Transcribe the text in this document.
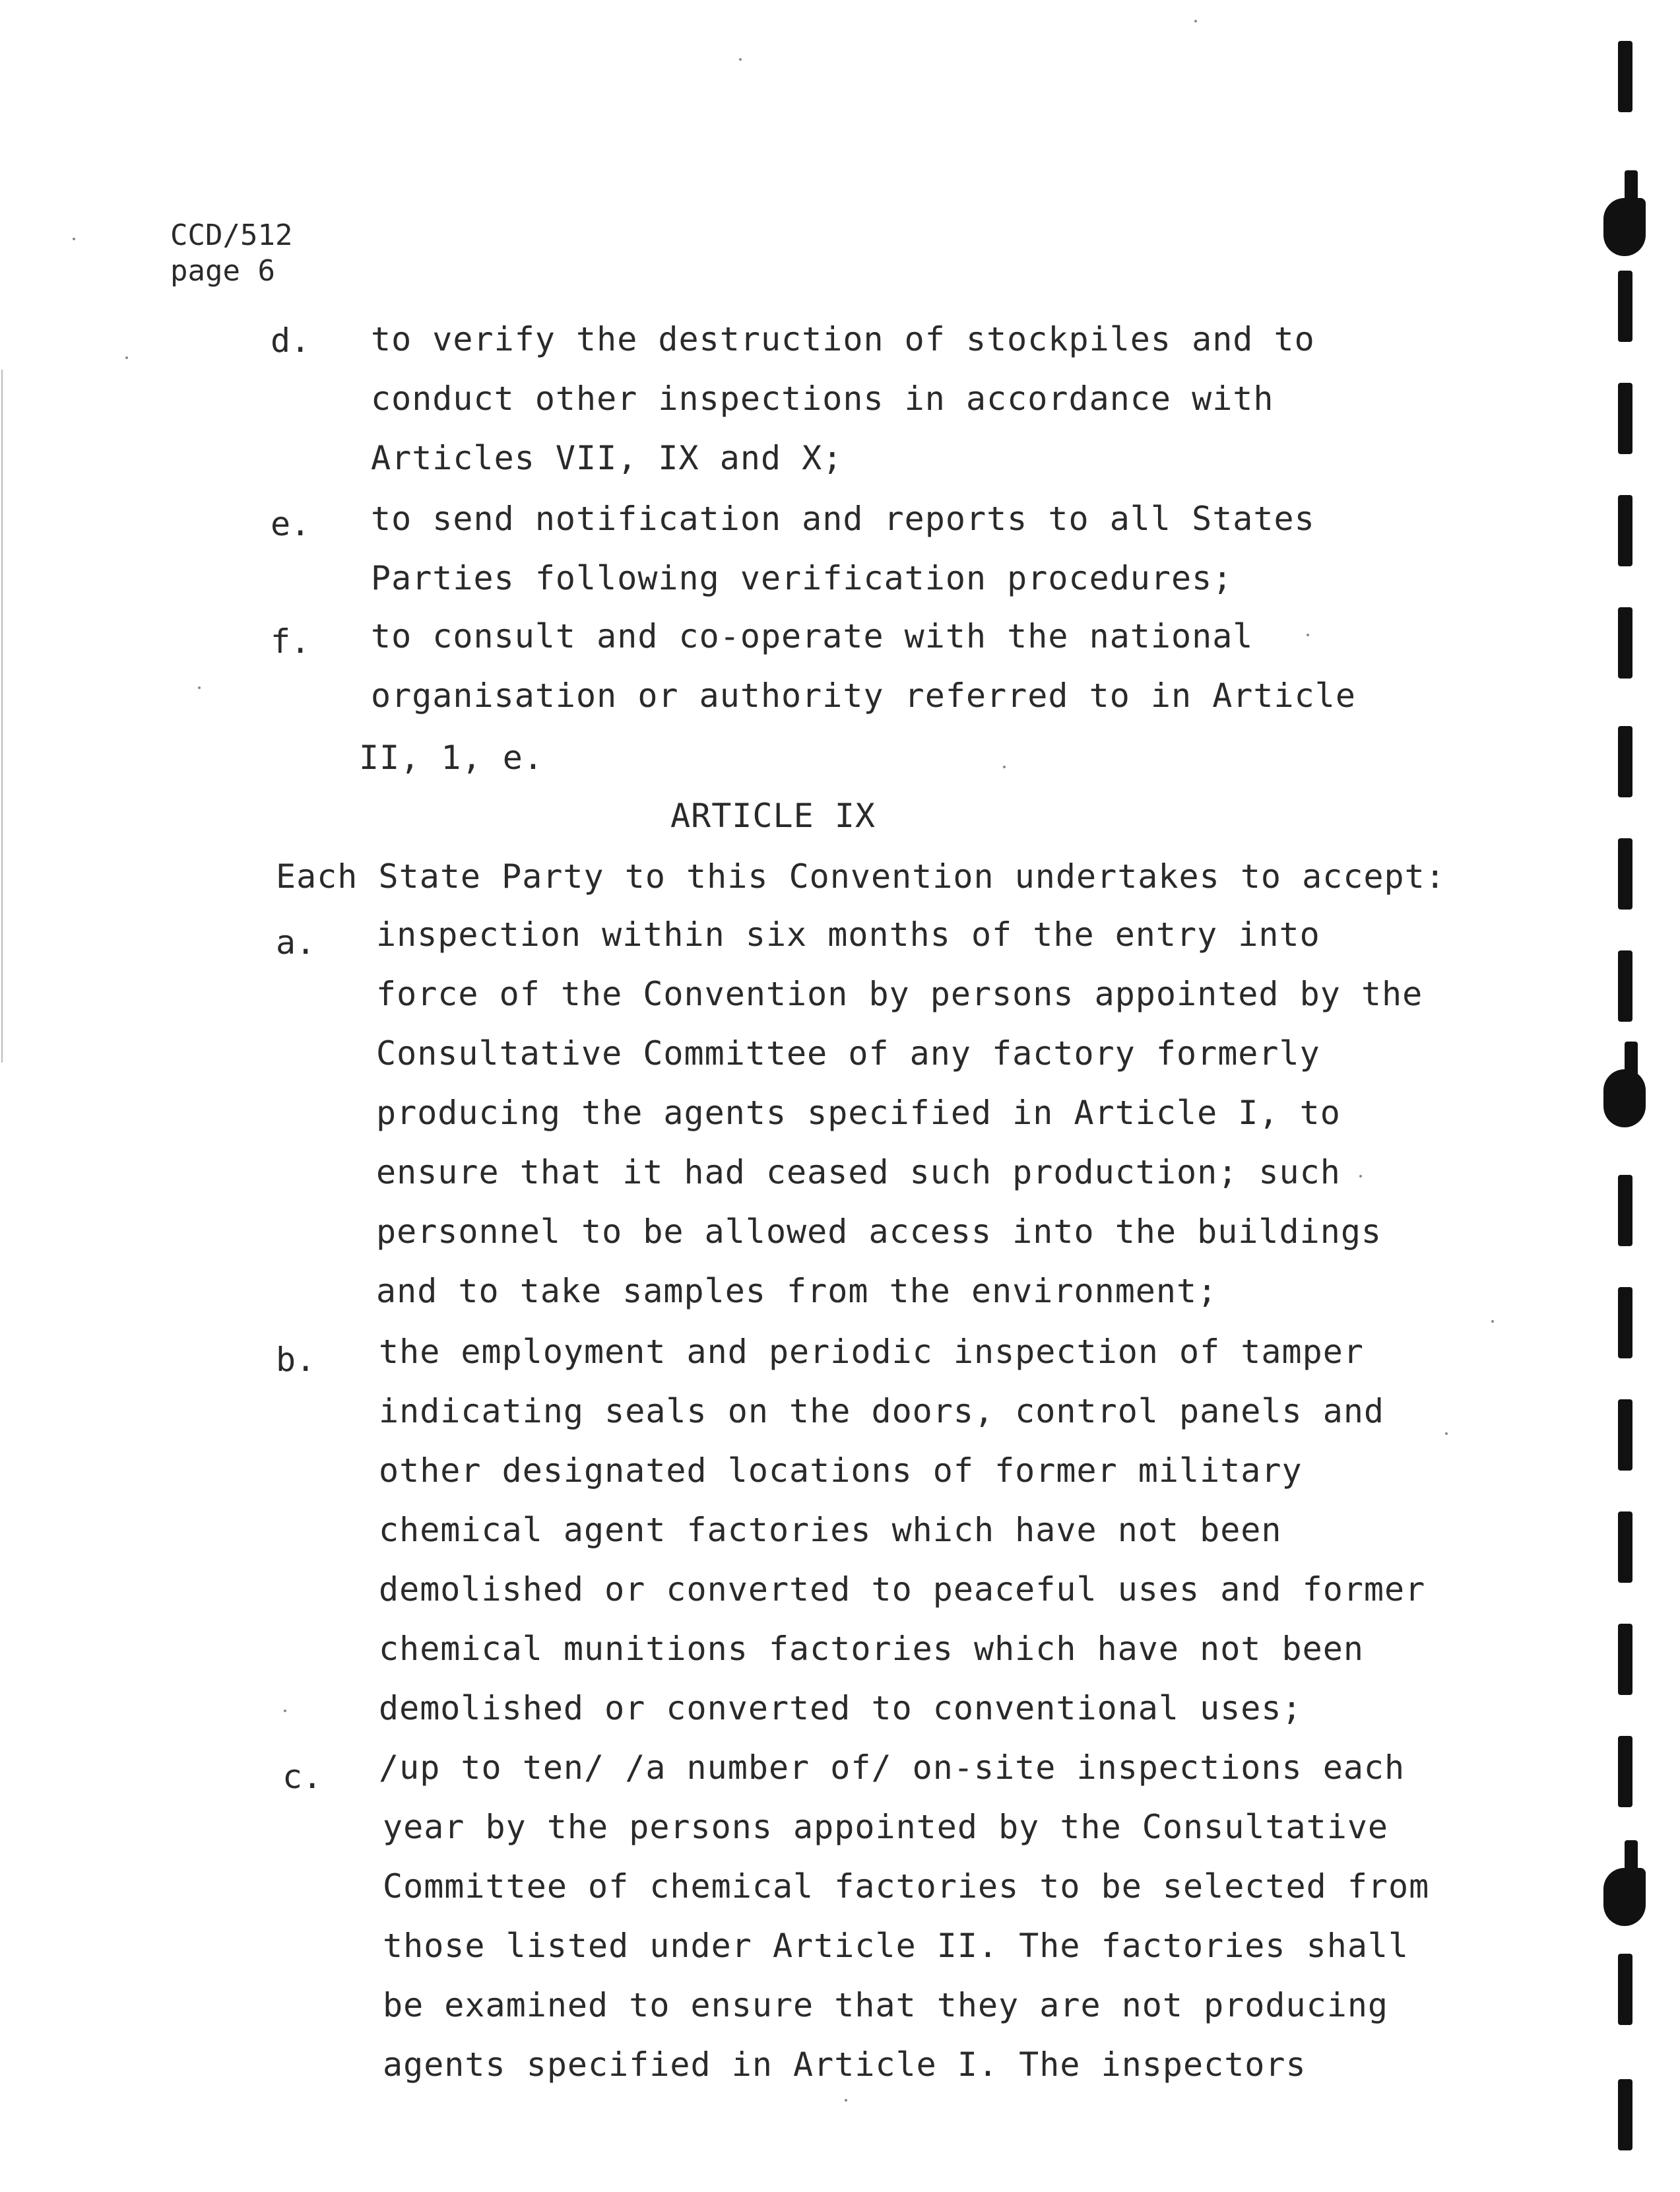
CCD/512
page 6
d. to verify the destruction of stockpiles and to
conduct other inspections in accordance with
Articles VII, IX and X;
e. to send notification and reports to all States
Parties following verification procedures;
f. to consult and co-operate with the national
organisation or authority referred to in Article
II, 1, e.
ARTICLE IX
Each State Party to this Convention undertakes to accept:
a. inspection within six months of the entry into
force of the Convention by persons appointed by the
Consultative Committee of any factory formerly
producing the agents specified in Article I, to
ensure that it had ceased such production; such
personnel to be allowed access into the buildings
and to take samples from the environment;
b. the employment and periodic inspection of tamper
indicating seals on the doors, control panels and
other designated locations of former military
chemical agent factories which have not been
demolished or converted to peaceful uses and former
chemical munitions factories which have not been
demolished or converted to conventional uses;
c. /up to ten/ /a number of/ on-site inspections each
year by the persons appointed by the Consultative
Committee of chemical factories to be selected from
those listed under Article II. The factories shall
be examined to ensure that they are not producing
agents specified in Article I. The inspectors
